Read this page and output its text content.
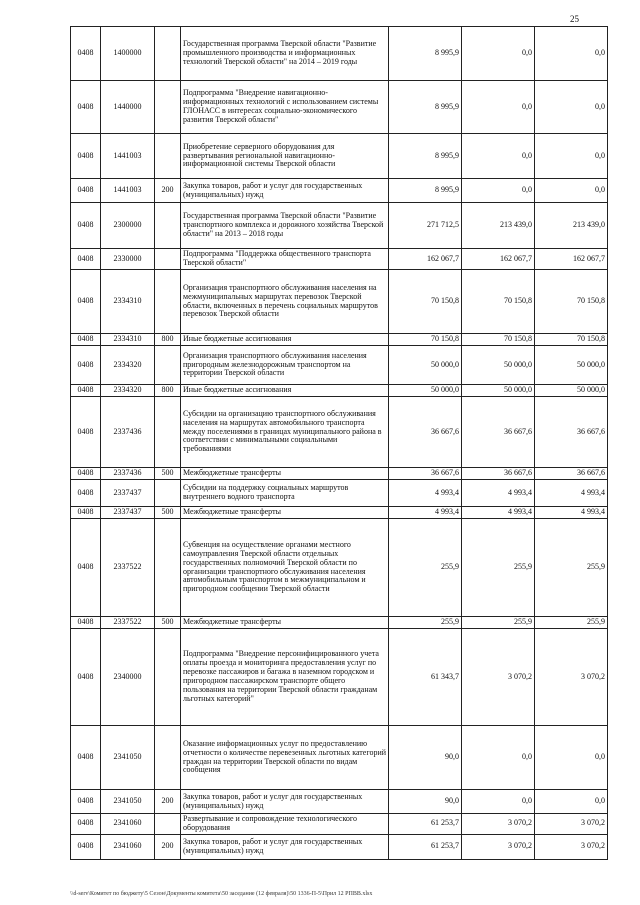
25
0408	1400000		Государственная программа Тверской области "Развитие промышленного производства и информационных технологий Тверской области" на 2014 – 2019 годы	8 995,9	0,0	0,0
0408	1440000		Подпрограмма "Внедрение навигационно-информационных технологий с использованием системы ГЛОНАСС в интересах социально-экономического развития Тверской области"	8 995,9	0,0	0,0
0408	1441003		Приобретение серверного оборудования для развертывания региональной навигационно-информационной системы Тверской области	8 995,9	0,0	0,0
0408	1441003	200	Закупка товаров, работ и услуг для государственных (муниципальных) нужд	8 995,9	0,0	0,0
0408	2300000		Государственная программа Тверской области "Развитие транспортного комплекса и дорожного хозяйства Тверской области" на 2013 – 2018 годы	271 712,5	213 439,0	213 439,0
0408	2330000		Подпрограмма "Поддержка общественного транспорта Тверской области"	162 067,7	162 067,7	162 067,7
0408	2334310		Организация транспортного обслуживания населения на межмуниципальных маршрутах перевозок Тверской области, включенных в перечень социальных маршрутов перевозок Тверской области	70 150,8	70 150,8	70 150,8
0408	2334310	800	Иные бюджетные ассигнования	70 150,8	70 150,8	70 150,8
0408	2334320		Организация транспортного обслуживания населения пригородным железнодорожным транспортом на территории Тверской области	50 000,0	50 000,0	50 000,0
0408	2334320	800	Иные бюджетные ассигнования	50 000,0	50 000,0	50 000,0
0408	2337436		Субсидии на организацию транспортного обслуживания населения на маршрутах автомобильного транспорта между поселениями в границах муниципального района в соответствии с минимальными социальными требованиями	36 667,6	36 667,6	36 667,6
0408	2337436	500	Межбюджетные трансферты	36 667,6	36 667,6	36 667,6
0408	2337437		Субсидии на поддержку социальных маршрутов внутреннего водного транспорта	4 993,4	4 993,4	4 993,4
0408	2337437	500	Межбюджетные трансферты	4 993,4	4 993,4	4 993,4
0408	2337522		Субвенция на осуществление органами местного самоуправления Тверской области отдельных государственных полномочий Тверской области по организации транспортного обслуживания населения автомобильным транспортом в межмуниципальном и пригородном сообщении Тверской области	255,9	255,9	255,9
0408	2337522	500	Межбюджетные трансферты	255,9	255,9	255,9
0408	2340000		Подпрограмма "Внедрение персонифицированного учета оплаты проезда и мониторинга предоставления услуг по перевозке пассажиров и багажа в наземном городском и пригородном пассажирском транспорте общего пользования на территории Тверской области гражданам льготных категорий"	61 343,7	3 070,2	3 070,2
0408	2341050		Оказание информационных услуг по предоставлению отчетности о количестве перевезенных льготных категорий граждан на территории Тверской области по видам сообщения	90,0	0,0	0,0
0408	2341050	200	Закупка товаров, работ и услуг для государственных (муниципальных) нужд	90,0	0,0	0,0
0408	2341060		Развертывание и сопровождение технологического оборудования	61 253,7	3 070,2	3 070,2
0408	2341060	200	Закупка товаров, работ и услуг для государственных (муниципальных) нужд	61 253,7	3 070,2	3 070,2
\\d-serv\Комитет по бюджету\5 Сезон\Документы комитета\50 заседание (12 февраля)\50 1336-П-5\Прил 12 РПВВ.xlsx
